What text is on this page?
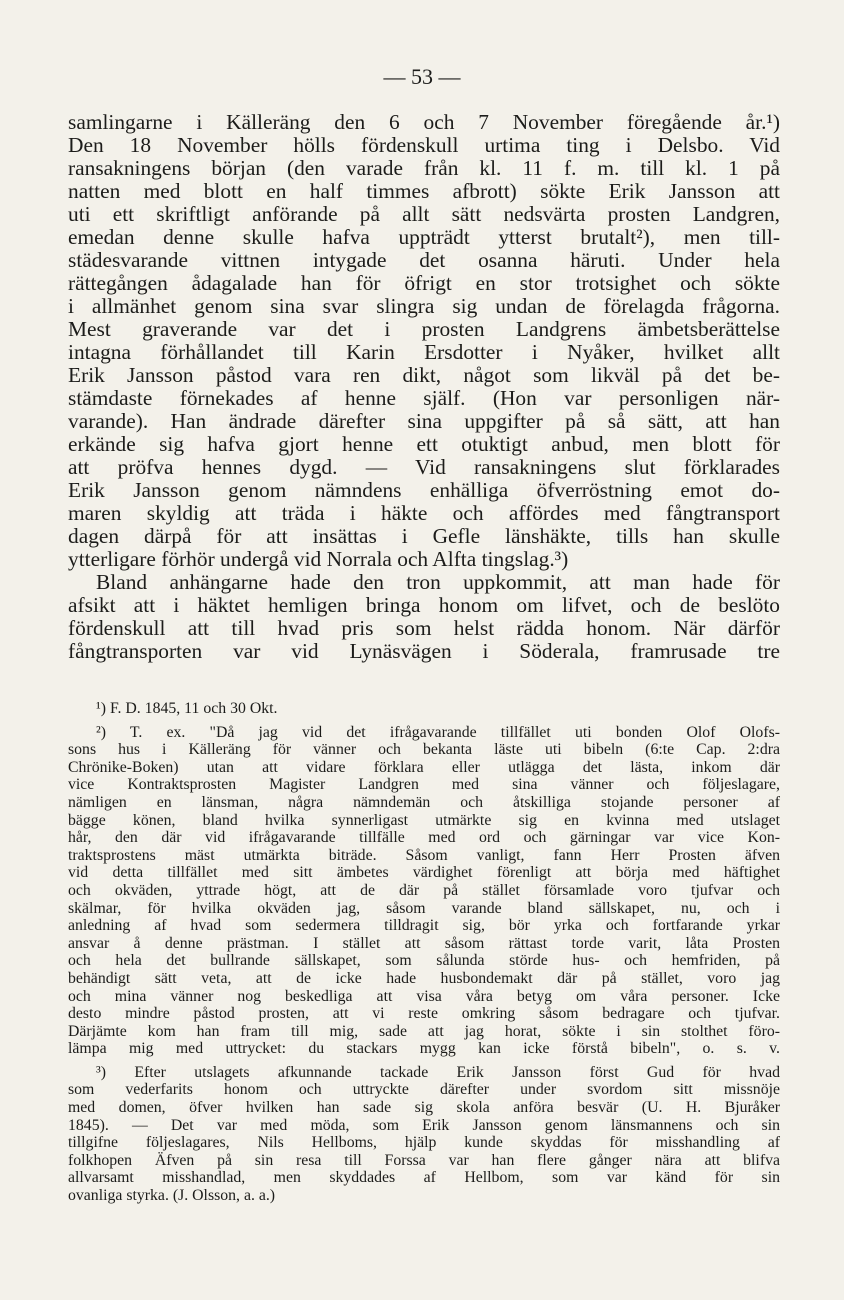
— 53 —
samlingarne i Källeräng den 6 och 7 November föregående år.¹)
Den 18 November hölls fördenskull urtima ting i Delsbo. Vid
ransakningens början (den varade från kl. 11 f. m. till kl. 1 på
natten med blott en half timmes afbrott) sökte Erik Jansson att
uti ett skriftligt anförande på allt sätt nedsvärta prosten Landgren,
emedan denne skulle hafva uppträdt ytterst brutalt²), men till-
städesvarande vittnen intygade det osanna häruti. Under hela
rättegången ådagalade han för öfrigt en stor trotsighet och sökte
i allmänhet genom sina svar slingra sig undan de förelagda frågorna.
Mest graverande var det i prosten Landgrens ämbetsberättelse
intagna förhållandet till Karin Ersdotter i Nyåker, hvilket allt
Erik Jansson påstod vara ren dikt, något som likväl på det be-
stämdaste förnekades af henne själf. (Hon var personligen när-
varande). Han ändrade därefter sina uppgifter på så sätt, att han
erkände sig hafva gjort henne ett otuktigt anbud, men blott för
att pröfva hennes dygd. — Vid ransakningens slut förklarades
Erik Jansson genom nämndens enhälliga öfverröstning emot do-
maren skyldig att träda i häkte och affördes med fångtransport
dagen därpå för att insättas i Gefle länshäkte, tills han skulle
ytterligare förhör undergå vid Norrala och Alfta tingslag.³)
Bland anhängarne hade den tron uppkommit, att man hade för
afsikt att i häktet hemligen bringa honom om lifvet, och de beslöto
fördenskull att till hvad pris som helst rädda honom. När därför
fångtransporten var vid Lynäsvägen i Söderala, framrusade tre
¹) F. D. 1845, 11 och 30 Okt.
²) T. ex. "Då jag vid det ifrågavarande tillfället uti bonden Olof Olofs-
sons hus i Källeräng för vänner och bekanta läste uti bibeln (6:te Cap. 2:dra
Chrönike-Boken) utan att vidare förklara eller utlägga det lästa, inkom där
vice Kontraktsprosten Magister Landgren med sina vänner och följeslagare,
nämligen en länsman, några nämndemän och åtskilliga stojande personer af
bägge könen, bland hvilka synnerligast utmärkte sig en kvinna med utslaget
hår, den där vid ifrågavarande tillfälle med ord och gärningar var vice Kon-
traktsprostens mäst utmärkta biträde. Såsom vanligt, fann Herr Prosten äfven
vid detta tillfället med sitt ämbetes värdighet förenligt att börja med häftighet
och okväden, yttrade högt, att de där på stället församlade voro tjufvar och
skälmar, för hvilka okväden jag, såsom varande bland sällskapet, nu, och i
anledning af hvad som sedermera tilldragit sig, bör yrka och fortfarande yrkar
ansvar å denne prästman. I stället att såsom rättast torde varit, låta Prosten
och hela det bullrande sällskapet, som sålunda störde hus- och hemfriden, på
behändigt sätt veta, att de icke hade husbondemakt där på stället, voro jag
och mina vänner nog beskedliga att visa våra betyg om våra personer. Icke
desto mindre påstod prosten, att vi reste omkring såsom bedragare och tjufvar.
Därjämte kom han fram till mig, sade att jag horat, sökte i sin stolthet föro-
lämpa mig med uttrycket: du stackars mygg kan icke förstå bibeln", o. s. v.
³) Efter utslagets afkunnande tackade Erik Jansson först Gud för hvad
som vederfarits honom och uttryckte därefter under svordom sitt missnöje
med domen, öfver hvilken han sade sig skola anföra besvär (U. H. Bjuråker
1845). — Det var med möda, som Erik Jansson genom länsmannens och sin
tillgifne följeslagares, Nils Hellboms, hjälp kunde skyddas för misshandling af
folkhopen Äfven på sin resa till Forssa var han flere gånger nära att blifva
allvarsamt misshandlad, men skyddades af Hellbom, som var känd för sin
ovanliga styrka. (J. Olsson, a. a.)
